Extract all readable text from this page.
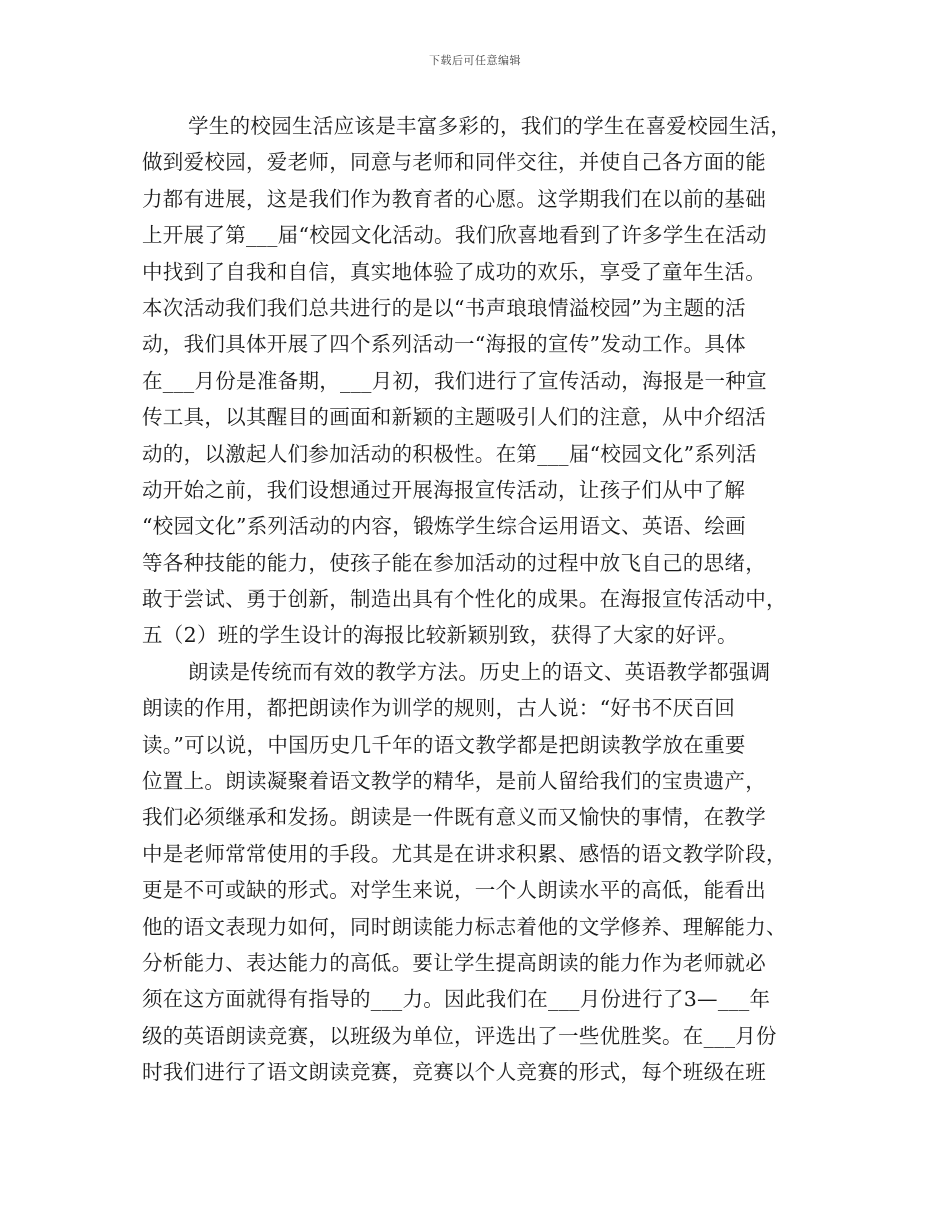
下载后可任意编辑
学生的校园生活应该是丰富多彩的，我们的学生在喜爱校园生活，
做到爱校园，爱老师，同意与老师和同伴交往，并使自己各方面的能
力都有进展，这是我们作为教育者的心愿。这学期我们在以前的基础
上开展了第___届“校园文化活动。我们欣喜地看到了许多学生在活动
中找到了自我和自信，真实地体验了成功的欢乐，享受了童年生活。
本次活动我们我们总共进行的是以“书声琅琅情溢校园”为主题的活
动，我们具体开展了四个系列活动一“海报的宣传”发动工作。具体
在___月份是准备期，___月初，我们进行了宣传活动，海报是一种宣
传工具，以其醒目的画面和新颖的主题吸引人们的注意，从中介绍活
动的，以激起人们参加活动的积极性。在第___届“校园文化”系列活
动开始之前，我们设想通过开展海报宣传活动，让孩子们从中了解
“校园文化”系列活动的内容，锻炼学生综合运用语文、英语、绘画
等各种技能的能力，使孩子能在参加活动的过程中放飞自己的思绪，
敢于尝试、勇于创新，制造出具有个性化的成果。在海报宣传活动中，
五（2）班的学生设计的海报比较新颖别致，获得了大家的好评。
朗读是传统而有效的教学方法。历史上的语文、英语教学都强调
朗读的作用，都把朗读作为训学的规则，古人说：“好书不厌百回
读。”可以说，中国历史几千年的语文教学都是把朗读教学放在重要
位置上。朗读凝聚着语文教学的精华，是前人留给我们的宝贵遗产，
我们必须继承和发扬。朗读是一件既有意义而又愉快的事情，在教学
中是老师常常使用的手段。尤其是在讲求积累、感悟的语文教学阶段，
更是不可或缺的形式。对学生来说，一个人朗读水平的高低，能看出
他的语文表现力如何，同时朗读能力标志着他的文学修养、理解能力、
分析能力、表达能力的高低。要让学生提高朗读的能力作为老师就必
须在这方面就得有指导的___力。因此我们在___月份进行了3—___年
级的英语朗读竞赛，以班级为单位，评选出了一些优胜奖。在___月份
时我们进行了语文朗读竞赛，竞赛以个人竞赛的形式，每个班级在班
